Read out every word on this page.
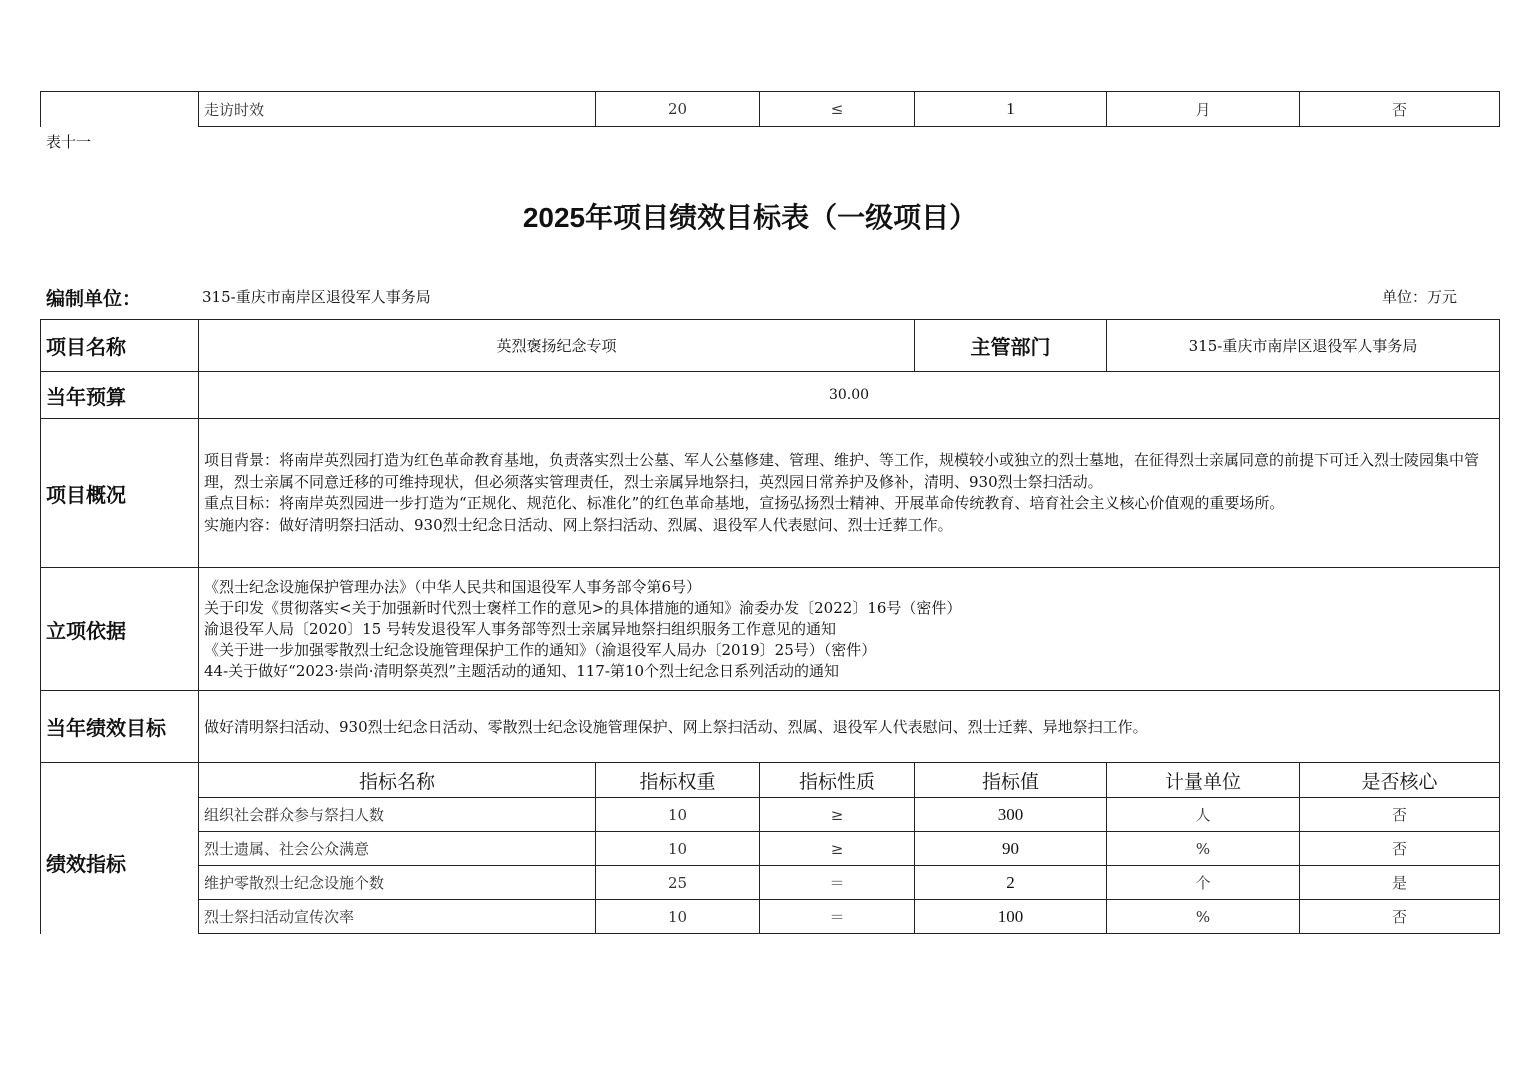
	走访时效	20	≤	1	月	否
表十一
2025年项目绩效目标表（一级项目）
编制单位：	315-重庆市南岸区退役军人事务局	单位：万元
项目名称	英烈褒扬纪念专项			主管部门	315-重庆市南岸区退役军人事务局	
当年预算	30.00					
项目概况	项目背景：将南岸英烈园打造为红色革命教育基地，负责落实烈士公墓、军人公墓修建、管理、维护、等工作，规模较小或独立的烈士墓地，在征得烈士亲属同意的前提下可迁入烈士陵园集中管理，烈士亲属不同意迁移的可维持现状，但必须落实管理责任，烈士亲属异地祭扫，英烈园日常养护及修补，清明、930烈士祭扫活动。
重点目标：将南岸英烈园进一步打造为“正规化、规范化、标准化”的红色革命基地，宣扬弘扬烈士精神、开展革命传统教育、培育社会主义核心价值观的重要场所。
实施内容：做好清明祭扫活动、930烈士纪念日活动、网上祭扫活动、烈属、退役军人代表慰问、烈士迁葬工作。					
立项依据	《烈士纪念设施保护管理办法》（中华人民共和国退役军人事务部令第6号）
关于印发《贯彻落实<关于加强新时代烈士褒样工作的意见>的具体措施的通知》渝委办发〔2022〕16号（密件）
渝退役军人局〔2020〕15 号转发退役军人事务部等烈士亲属异地祭扫组织服务工作意见的通知
《关于进一步加强零散烈士纪念设施管理保护工作的通知》（渝退役军人局办〔2019〕25号）（密件）
44-关于做好“2023·崇尚·清明祭英烈”主题活动的通知、117-第10个烈士纪念日系列活动的通知					
当年绩效目标	做好清明祭扫活动、930烈士纪念日活动、零散烈士纪念设施管理保护、网上祭扫活动、烈属、退役军人代表慰问、烈士迁葬、异地祭扫工作。					
绩效指标	指标名称	指标权重	指标性质	指标值	计量单位	是否核心
	组织社会群众参与祭扫人数	10	≥	300	人	否
	烈士遗属、社会公众满意	10	≥	90	%	否
	维护零散烈士纪念设施个数	25	＝	2	个	是
	烈士祭扫活动宣传次率	10	＝	100	%	否
